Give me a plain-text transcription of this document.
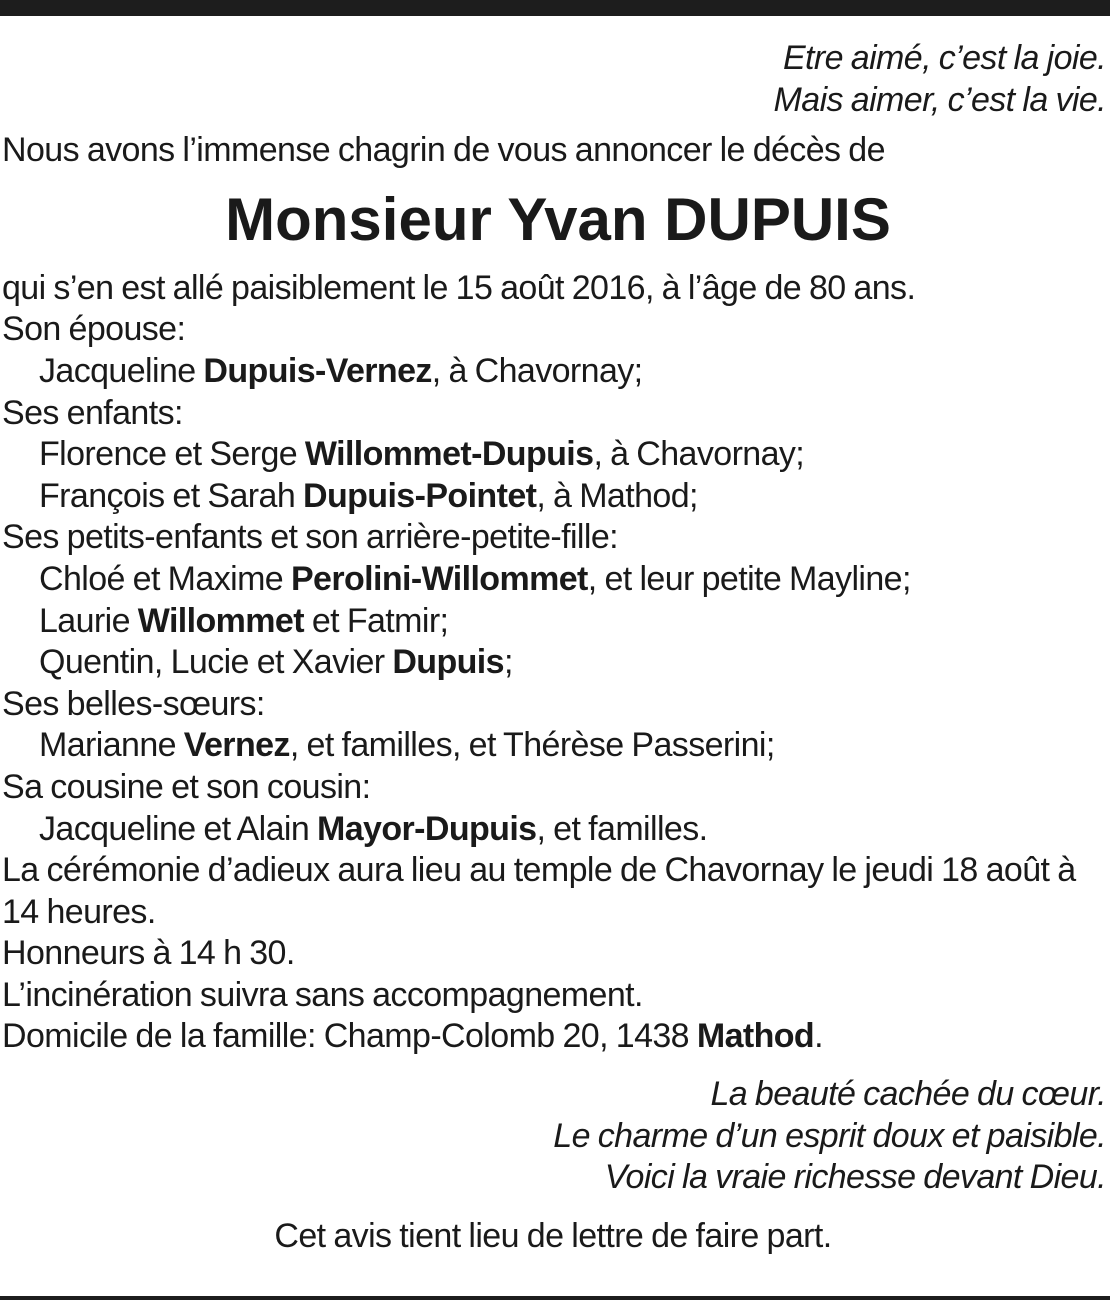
Etre aimé, c’est la joie.

Mais aimer, c’est la vie.

Nous avons l’immense chagrin de vous annoncer le décès de

Monsieur Yvan DUPUIS

qui s’en est allé paisiblement le 15 août 2016, à l’âge de 80 ans.

Son épouse:

Jacqueline Dupuis-Vernez, à Chavornay;

Ses enfants:

Florence et Serge Willommet-Dupuis, à Chavornay;

François et Sarah Dupuis-Pointet, à Mathod;

Ses petits-enfants et son arrière-petite-fille:

Chloé et Maxime Perolini-Willommet, et leur petite Mayline;

Laurie Willommet et Fatmir;

Quentin, Lucie et Xavier Dupuis;

Ses belles-sœurs:

Marianne Vernez, et familles, et Thérèse Passerini;

Sa cousine et son cousin:

Jacqueline et Alain Mayor-Dupuis, et familles.

La cérémonie d’adieux aura lieu au temple de Chavornay le jeudi 18 août à 14 heures.

Honneurs à 14 h 30.

L’incinération suivra sans accompagnement.

Domicile de la famille: Champ-Colomb 20, 1438 Mathod.

La beauté cachée du cœur.

Le charme d’un esprit doux et paisible.

Voici la vraie richesse devant Dieu.

Cet avis tient lieu de lettre de faire part.
